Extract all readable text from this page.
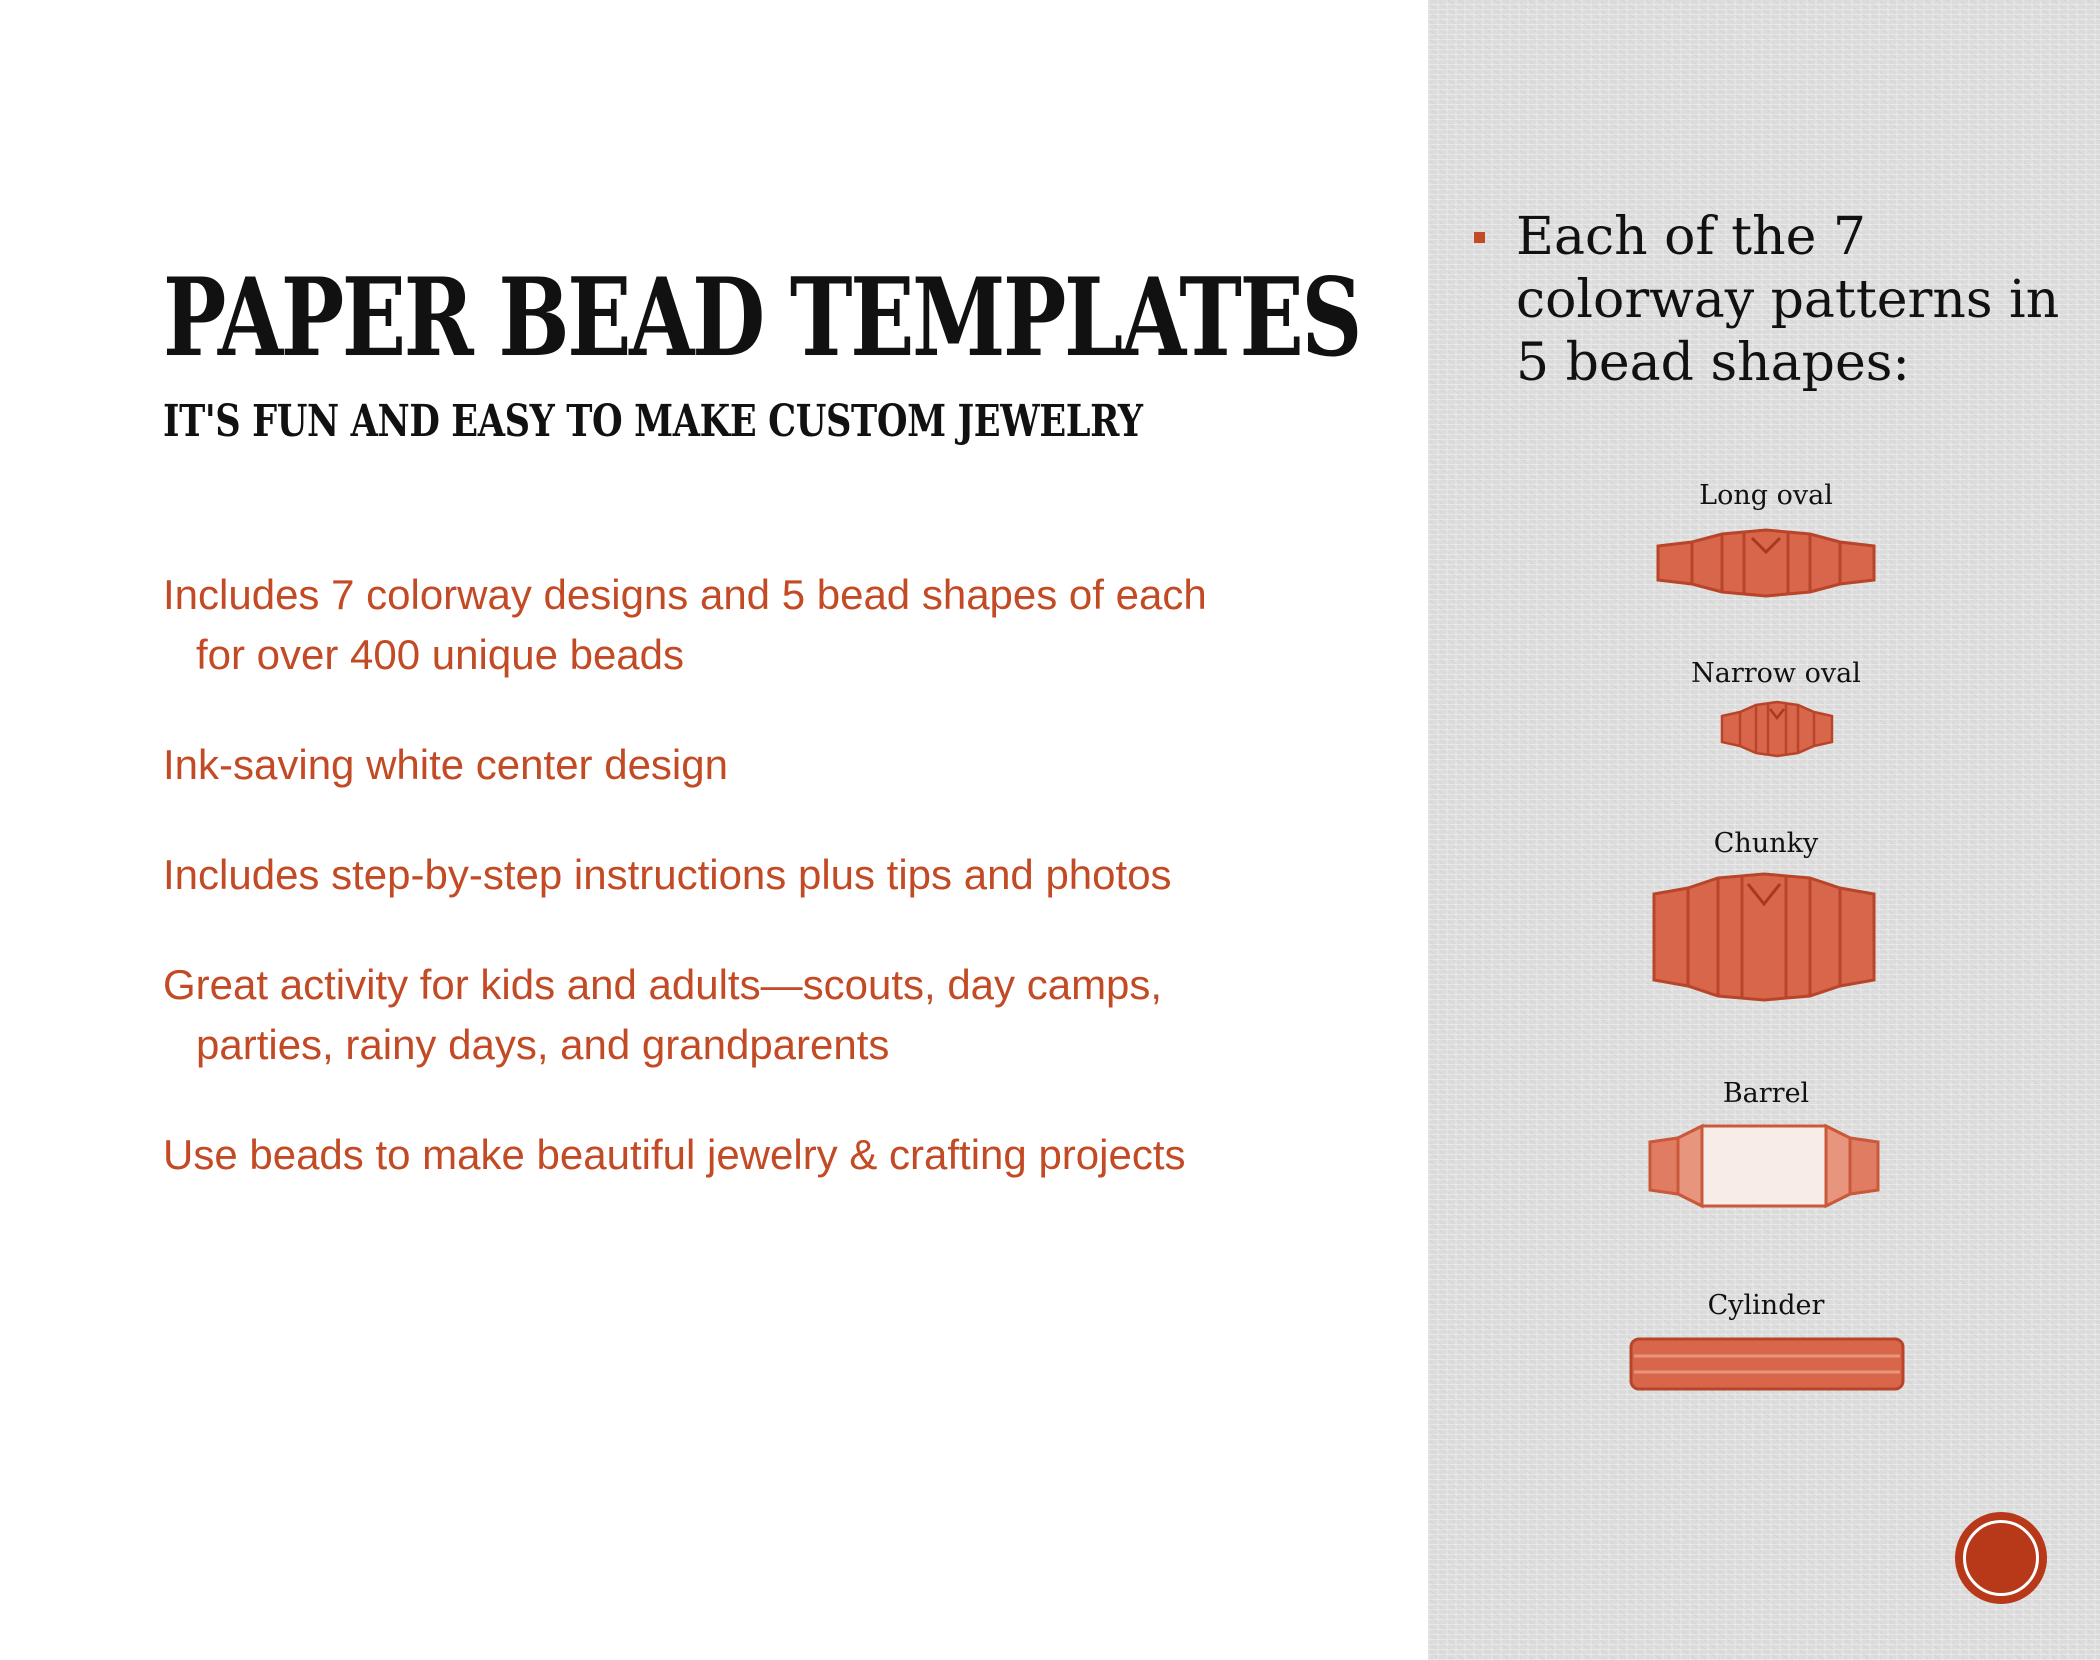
PAPER BEAD TEMPLATES
IT'S FUN AND EASY TO MAKE CUSTOM JEWELRY
Includes 7 colorway designs and 5 bead shapes of each for over 400 unique beads
Ink-saving white center design
Includes step-by-step instructions plus tips and photos
Great activity for kids and adults—scouts, day camps, parties, rainy days, and grandparents
Use beads to make beautiful jewelry & crafting projects
Each of the 7 colorway patterns in 5 bead shapes:
Long oval
Narrow oval
Chunky
Barrel
Cylinder
